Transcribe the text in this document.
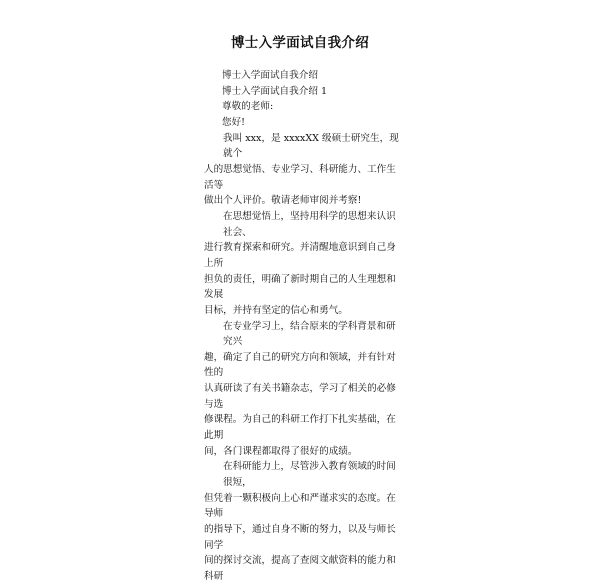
博士入学面试自我介绍

博士入学面试自我介绍

博士入学面试自我介绍 1

尊敬的老师:

您好!

我叫 xxx，是 xxxxXX 级硕士研究生，现就个

人的思想觉悟、专业学习、科研能力、工作生活等

做出个人评价。敬请老师审阅并考察!

在思想觉悟上，坚持用科学的思想来认识社会、

进行教育探索和研究。并清醒地意识到自己身上所

担负的责任，明确了新时期自己的人生理想和发展

目标，并持有坚定的信心和勇气。

在专业学习上，结合原来的学科背景和研究兴

趣，确定了自己的研究方向和领域，并有针对性的

认真研读了有关书籍杂志，学习了相关的必修与选

修课程。为自己的科研工作打下扎实基础，在此期

间，各门课程都取得了很好的成绩。

在科研能力上，尽管涉入教育领域的时间很短，

但凭着一颗积极向上心和严谨求实的态度。在导师

的指导下，通过自身不断的努力，以及与师长同学

间的探讨交流，提高了查阅文献资料的能力和科研
